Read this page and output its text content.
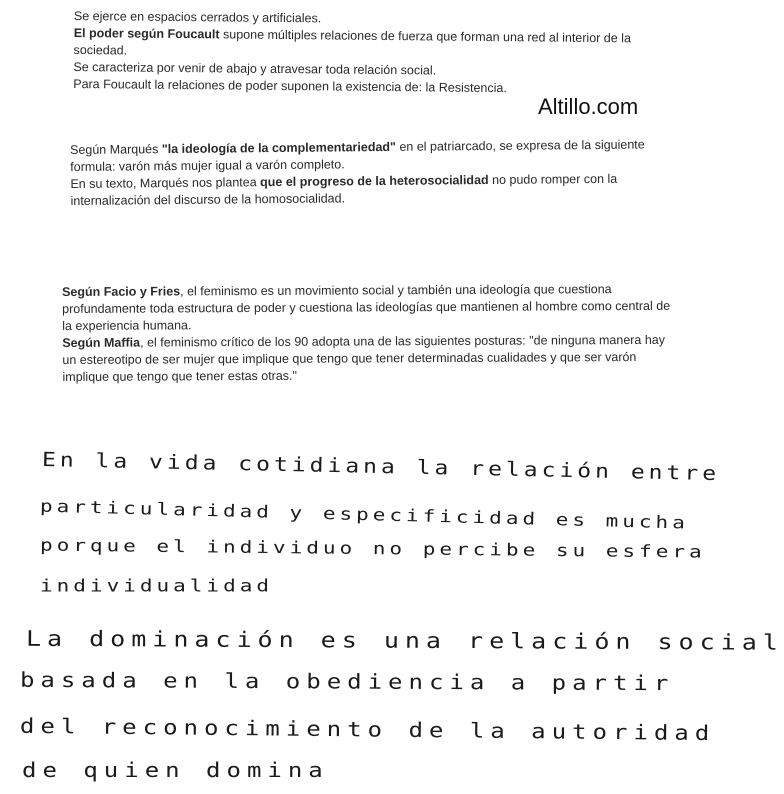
Se ejerce en espacios cerrados y artificiales.

El poder según Foucault supone múltiples relaciones de fuerza que forman una red al interior de la sociedad.

Se caracteriza por venir de abajo y atravesar toda relación social.

Para Foucault la relaciones de poder suponen la existencia de: la Resistencia.

Altillo.com

Según Marqués "la ideología de la complementariedad" en el patriarcado, se expresa de la siguiente formula: varón más mujer igual a varón completo.

En su texto, Marqués nos plantea que el progreso de la heterosocialidad no pudo romper con la internalización del discurso de la homosocialidad.

Según Facio y Fries, el feminismo es un movimiento social y también una ideología que cuestiona profundamente toda estructura de poder y cuestiona las ideologías que mantienen al hombre como central de la experiencia humana.

Según Maffia, el feminismo crítico de los 90 adopta una de las siguientes posturas: "de ninguna manera hay un estereotipo de ser mujer que implique que tengo que tener determinadas cualidades y que ser varón implique que tengo que tener estas otras."

En la vida cotidiana la relación entre
particularidad y especificidad es mucha
porque el individuo no percibe su esfera
individualidad
La dominación es una relación social
basada en la obediencia a partir
del reconocimiento de la autoridad
de quien domina
